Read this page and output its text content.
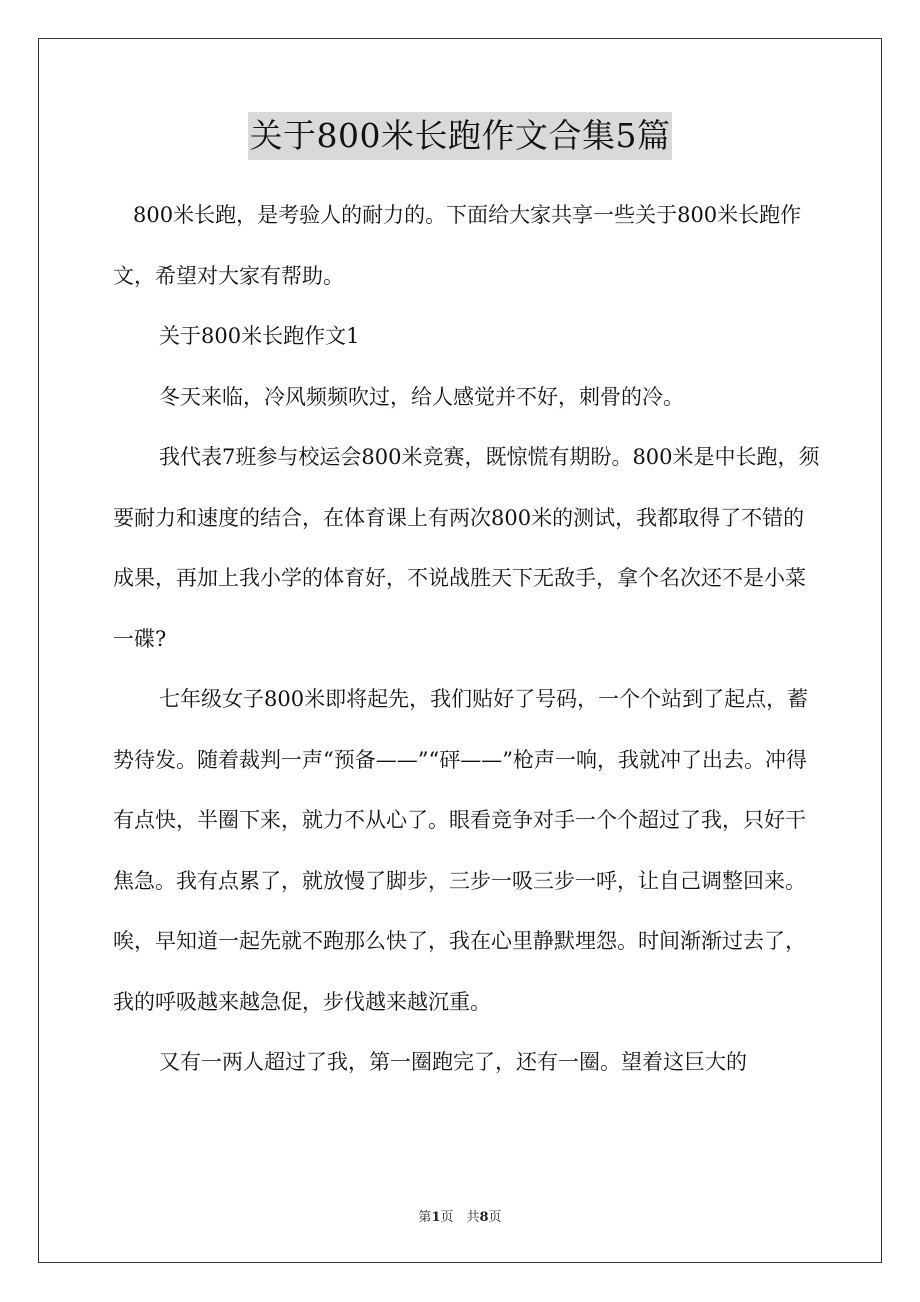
关于800米长跑作文合集5篇

800米长跑，是考验人的耐力的。下面给大家共享一些关于800米长跑作文，希望对大家有帮助。

关于800米长跑作文1

冬天来临，冷风频频吹过，给人感觉并不好，刺骨的冷。

我代表7班参与校运会800米竞赛，既惊慌有期盼。800米是中长跑，须要耐力和速度的结合，在体育课上有两次800米的测试，我都取得了不错的成果，再加上我小学的体育好，不说战胜天下无敌手，拿个名次还不是小菜一碟?

七年级女子800米即将起先，我们贴好了号码，一个个站到了起点，蓄势待发。随着裁判一声“预备——”“砰——”枪声一响，我就冲了出去。冲得有点快，半圈下来，就力不从心了。眼看竞争对手一个个超过了我，只好干焦急。我有点累了，就放慢了脚步，三步一吸三步一呼，让自己调整回来。唉，早知道一起先就不跑那么快了，我在心里静默埋怨。时间渐渐过去了，我的呼吸越来越急促，步伐越来越沉重。

又有一两人超过了我，第一圈跑完了，还有一圈。望着这巨大的

第1页　共8页
